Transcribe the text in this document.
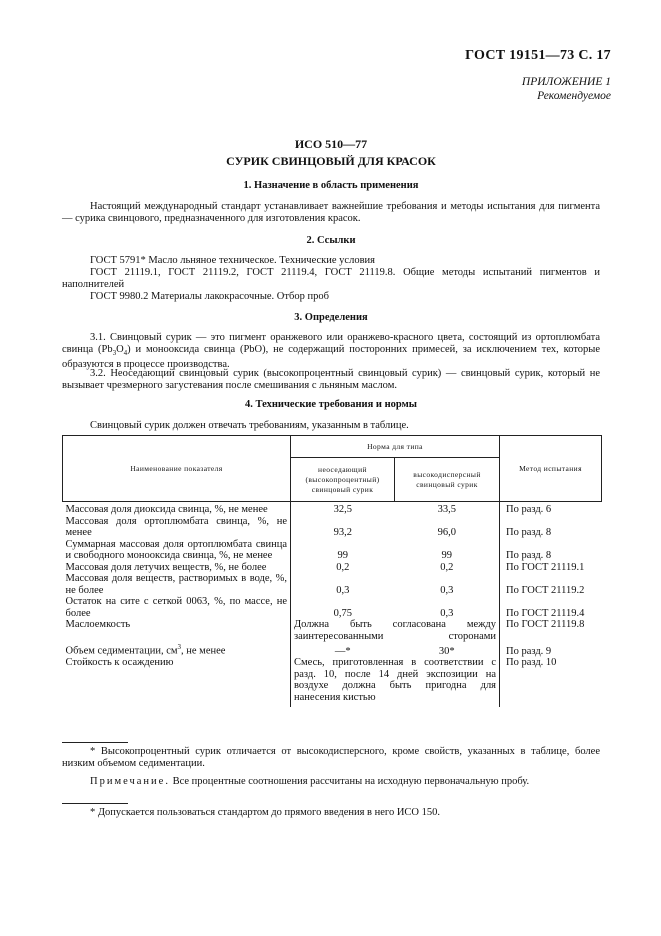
ГОСТ 19151—73 С. 17
ПРИЛОЖЕНИЕ 1
Рекомендуемое
ИСО 510—77
СУРИК СВИНЦОВЫЙ ДЛЯ КРАСОК
1. Назначение в область применения
Настоящий международный стандарт устанавливает важнейшие требования и методы испытания для пигмента — сурика свинцового, предназначенного для изготовления красок.
2. Ссылки
ГОСТ 5791* Масло льняное техническое. Технические условия
ГОСТ 21119.1, ГОСТ 21119.2, ГОСТ 21119.4, ГОСТ 21119.8. Общие методы испытаний пигментов и наполнителей
ГОСТ 9980.2 Материалы лакокрасочные. Отбор проб
3. Определения
3.1. Свинцовый сурик — это пигмент оранжевого или оранжево-красного цвета, состоящий из ортоплюмбата свинца $(Pb_3O_4)$ и монооксида свинца (PbO), не содержащий посторонних примесей, за исключением тех, которые образуются в процессе производства.
3.2. Неоседающий свинцовый сурик (высокопроцентный свинцовый сурик) — свинцовый сурик, который не вызывает чрезмерного загустевания после смешивания с льняным маслом.
4. Технические требования и нормы
Свинцовый сурик должен отвечать требованиям, указанным в таблице.
Наименование показателя	Норма для типа		Метод испытания
	неоседающий (высокопроцентный) свинцовый сурик	высокодисперсный свинцовый сурик	
Массовая доля диоксида свинца, %, не менее	32,5	33,5	По разд. 6
Массовая доля ортоплюмбата свинца, %, не менее	93,2	96,0	По разд. 8
Суммарная массовая доля ортоплюмбата свинца и свободного монооксида свинца, %, не менее	99	99	По разд. 8
Массовая доля летучих веществ, %, не более	0,2	0,2	По ГОСТ 21119.1
Массовая доля веществ, растворимых в воде, %, не более	0,3	0,3	По ГОСТ 21119.2
Остаток на сите с сеткой 0063, %, по массе, не более	0,75	0,3	По ГОСТ 21119.4
Маслоемкость	Должна быть согласована между заинтересованными сторонами		По ГОСТ 21119.8
Объем седиментации, $см^3$, не менее	—*	30*	По разд. 9
Стойкость к осаждению	Смесь, приготовленная в соответствии с разд. 10, после 14 дней экспозиции на воздухе должна быть пригодна для нанесения кистью		По разд. 10
* Высокопроцентный сурик отличается от высокодисперсного, кроме свойств, указанных в таблице, более низким объемом седиментации.
Примечание. Все процентные соотношения рассчитаны на исходную первоначальную пробу.
* Допускается пользоваться стандартом до прямого введения в него ИСО 150.
